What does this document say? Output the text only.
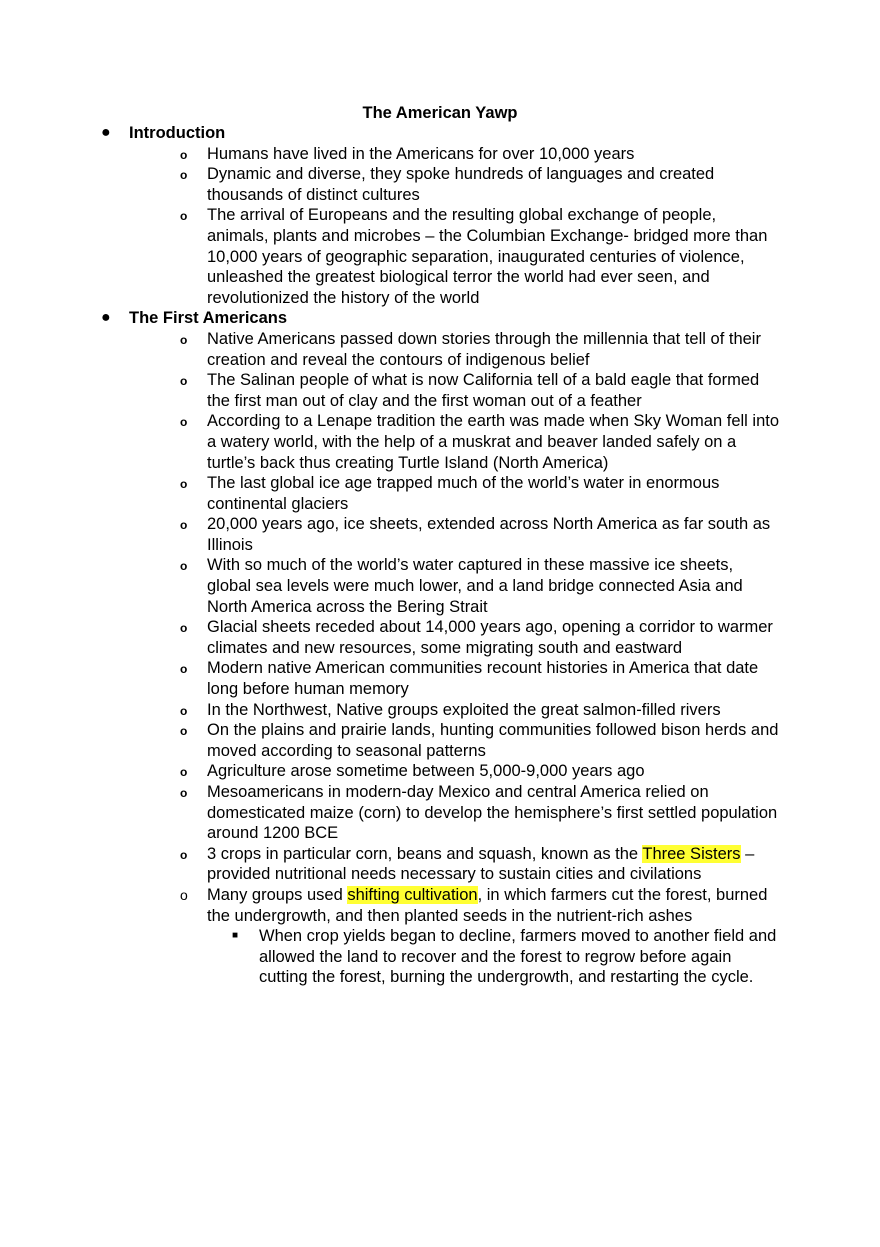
The American Yawp
● Introduction
o Humans have lived in the Americans for over 10,000 years
o Dynamic and diverse, they spoke hundreds of languages and created thousands of distinct cultures
o The arrival of Europeans and the resulting global exchange of people, animals, plants and microbes – the Columbian Exchange- bridged more than 10,000 years of geographic separation, inaugurated centuries of violence, unleashed the greatest biological terror the world had ever seen, and revolutionized the history of the world
● The First Americans
o Native Americans passed down stories through the millennia that tell of their creation and reveal the contours of indigenous belief
o The Salinan people of what is now California tell of a bald eagle that formed the first man out of clay and the first woman out of a feather
o According to a Lenape tradition the earth was made when Sky Woman fell into a watery world, with the help of a muskrat and beaver landed safely on a turtle’s back thus creating Turtle Island (North America)
o The last global ice age trapped much of the world’s water in enormous continental glaciers
o 20,000 years ago, ice sheets, extended across North America as far south as Illinois
o With so much of the world’s water captured in these massive ice sheets, global sea levels were much lower, and a land bridge connected Asia and North America across the Bering Strait
o Glacial sheets receded about 14,000 years ago, opening a corridor to warmer climates and new resources, some migrating south and eastward
o Modern native American communities recount histories in America that date long before human memory
o In the Northwest, Native groups exploited the great salmon-filled rivers
o On the plains and prairie lands, hunting communities followed bison herds and moved according to seasonal patterns
o Agriculture arose sometime between 5,000-9,000 years ago
o Mesoamericans in modern-day Mexico and central America relied on domesticated maize (corn) to develop the hemisphere’s first settled population around 1200 BCE
o 3 crops in particular corn, beans and squash, known as the Three Sisters – provided nutritional needs necessary to sustain cities and civilations
o Many groups used shifting cultivation, in which farmers cut the forest, burned the undergrowth, and then planted seeds in the nutrient-rich ashes
■ When crop yields began to decline, farmers moved to another field and allowed the land to recover and the forest to regrow before again cutting the forest, burning the undergrowth, and restarting the cycle.
